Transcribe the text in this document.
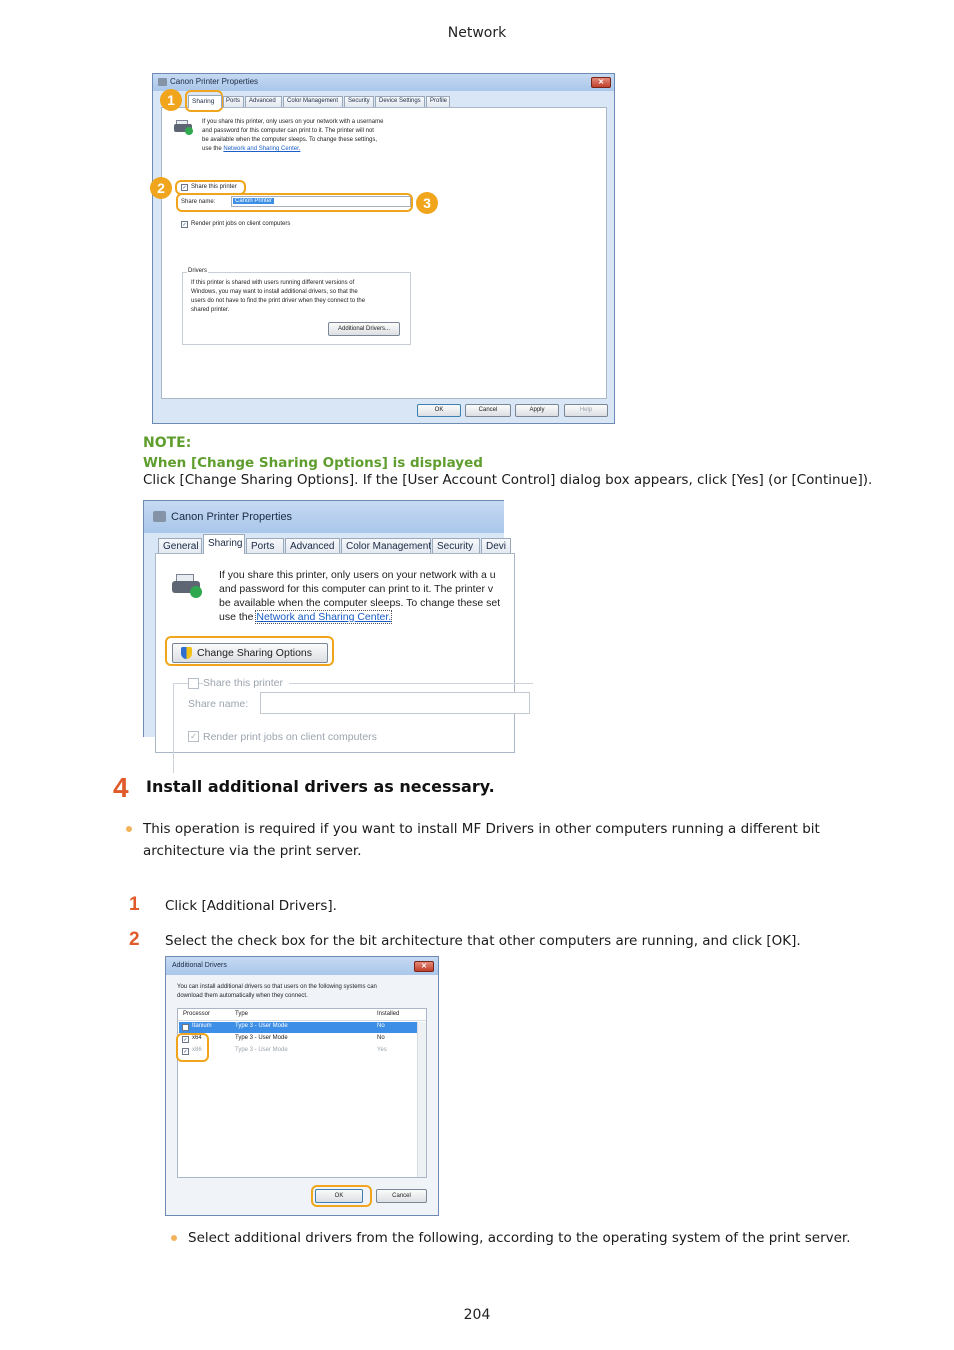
Network
Canon Printer Properties	✕
Sharing	Ports	Advanced	Color Management	Security	Device Settings	Profile
If you share this printer, only users on your network with a username
and password for this computer can print to it. The printer will not
be available when the computer sleeps. To change these settings,
use the Network and Sharing Center.
✓ Share this printer
Share name:	Canon Printer
✓ Render print jobs on client computers
Drivers
If this printer is shared with users running different versions of
Windows, you may want to install additional drivers, so that the
users do not have to find the print driver when they connect to the
shared printer.
Additional Drivers...
OK	Cancel	Apply	Help
1
2
3
NOTE:
When [Change Sharing Options] is displayed
Click [Change Sharing Options]. If the [User Account Control] dialog box appears, click [Yes] (or [Continue]).
Canon Printer Properties
General Sharing Ports	Advanced	Color Management Security	Devi
If you share this printer, only users on your network with a u
and password for this computer can print to it. The printer v
be available when the computer sleeps. To change these set
use the Network and Sharing Center.
Change Sharing Options
Share this printer
Share name:
✓ Render print jobs on client computers
4 Install additional drivers as necessary.
This operation is required if you want to install MF Drivers in other computers running a different bit
architecture via the print server.
1 Click [Additional Drivers].
2 Select the check box for the bit architecture that other computers are running, and click [OK].
Additional Drivers	✕
You can install additional drivers so that users on the following systems can
download them automatically when they connect.
Processor	Type	Installed
Itanium	Type 3 - User Mode	No
✓ x64	Type 3 - User Mode	No
✓ x86	Type 3 - User Mode	Yes
OK	Cancel
Select additional drivers from the following, according to the operating system of the print server.
204
